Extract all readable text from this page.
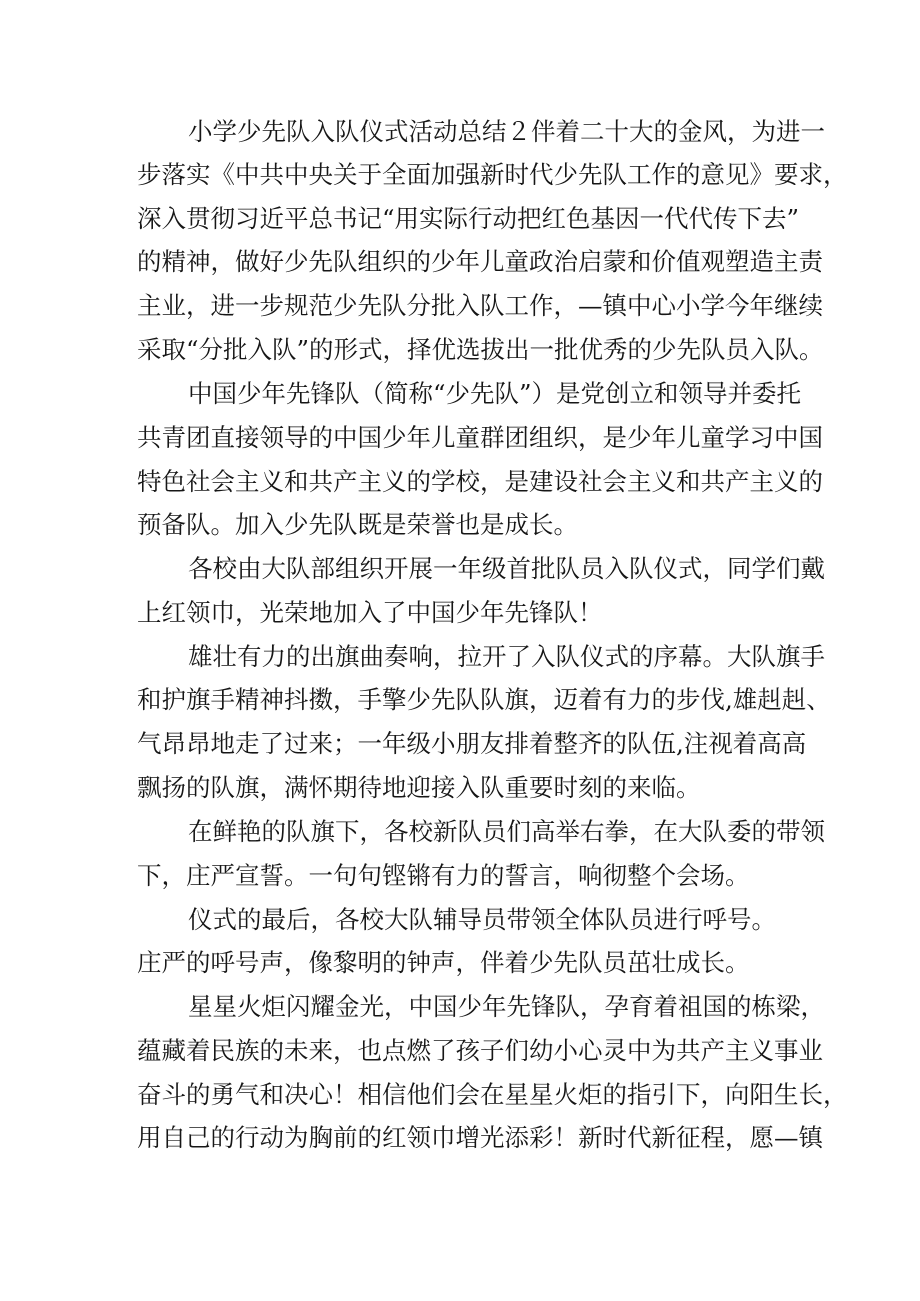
小学少先队入队仪式活动总结２伴着二十大的金风，为进一
步落实《中共中央关于全面加强新时代少先队工作的意见》要求，
深入贯彻习近平总书记“用实际行动把红色基因一代代传下去”
的精神，做好少先队组织的少年儿童政治启蒙和价值观塑造主责
主业，进一步规范少先队分批入队工作，—镇中心小学今年继续
采取“分批入队”的形式，择优选拔出一批优秀的少先队员入队。
中国少年先锋队（简称“少先队”）是党创立和领导并委托
共青团直接领导的中国少年儿童群团组织，是少年儿童学习中国
特色社会主义和共产主义的学校，是建设社会主义和共产主义的
预备队。加入少先队既是荣誉也是成长。
各校由大队部组织开展一年级首批队员入队仪式，同学们戴
上红领巾，光荣地加入了中国少年先锋队！
雄壮有力的出旗曲奏响，拉开了入队仪式的序幕。大队旗手
和护旗手精神抖擞，手擎少先队队旗，迈着有力的步伐,雄赳赳、
气昂昂地走了过来；一年级小朋友排着整齐的队伍,注视着高高
飘扬的队旗，满怀期待地迎接入队重要时刻的来临。
在鲜艳的队旗下，各校新队员们高举右拳，在大队委的带领
下，庄严宣誓。一句句铿锵有力的誓言，响彻整个会场。
仪式的最后，各校大队辅导员带领全体队员进行呼号。
庄严的呼号声，像黎明的钟声，伴着少先队员茁壮成长。
星星火炬闪耀金光，中国少年先锋队，孕育着祖国的栋梁，
蕴藏着民族的未来，也点燃了孩子们幼小心灵中为共产主义事业
奋斗的勇气和决心！相信他们会在星星火炬的指引下，向阳生长，
用自己的行动为胸前的红领巾增光添彩！新时代新征程，愿—镇
